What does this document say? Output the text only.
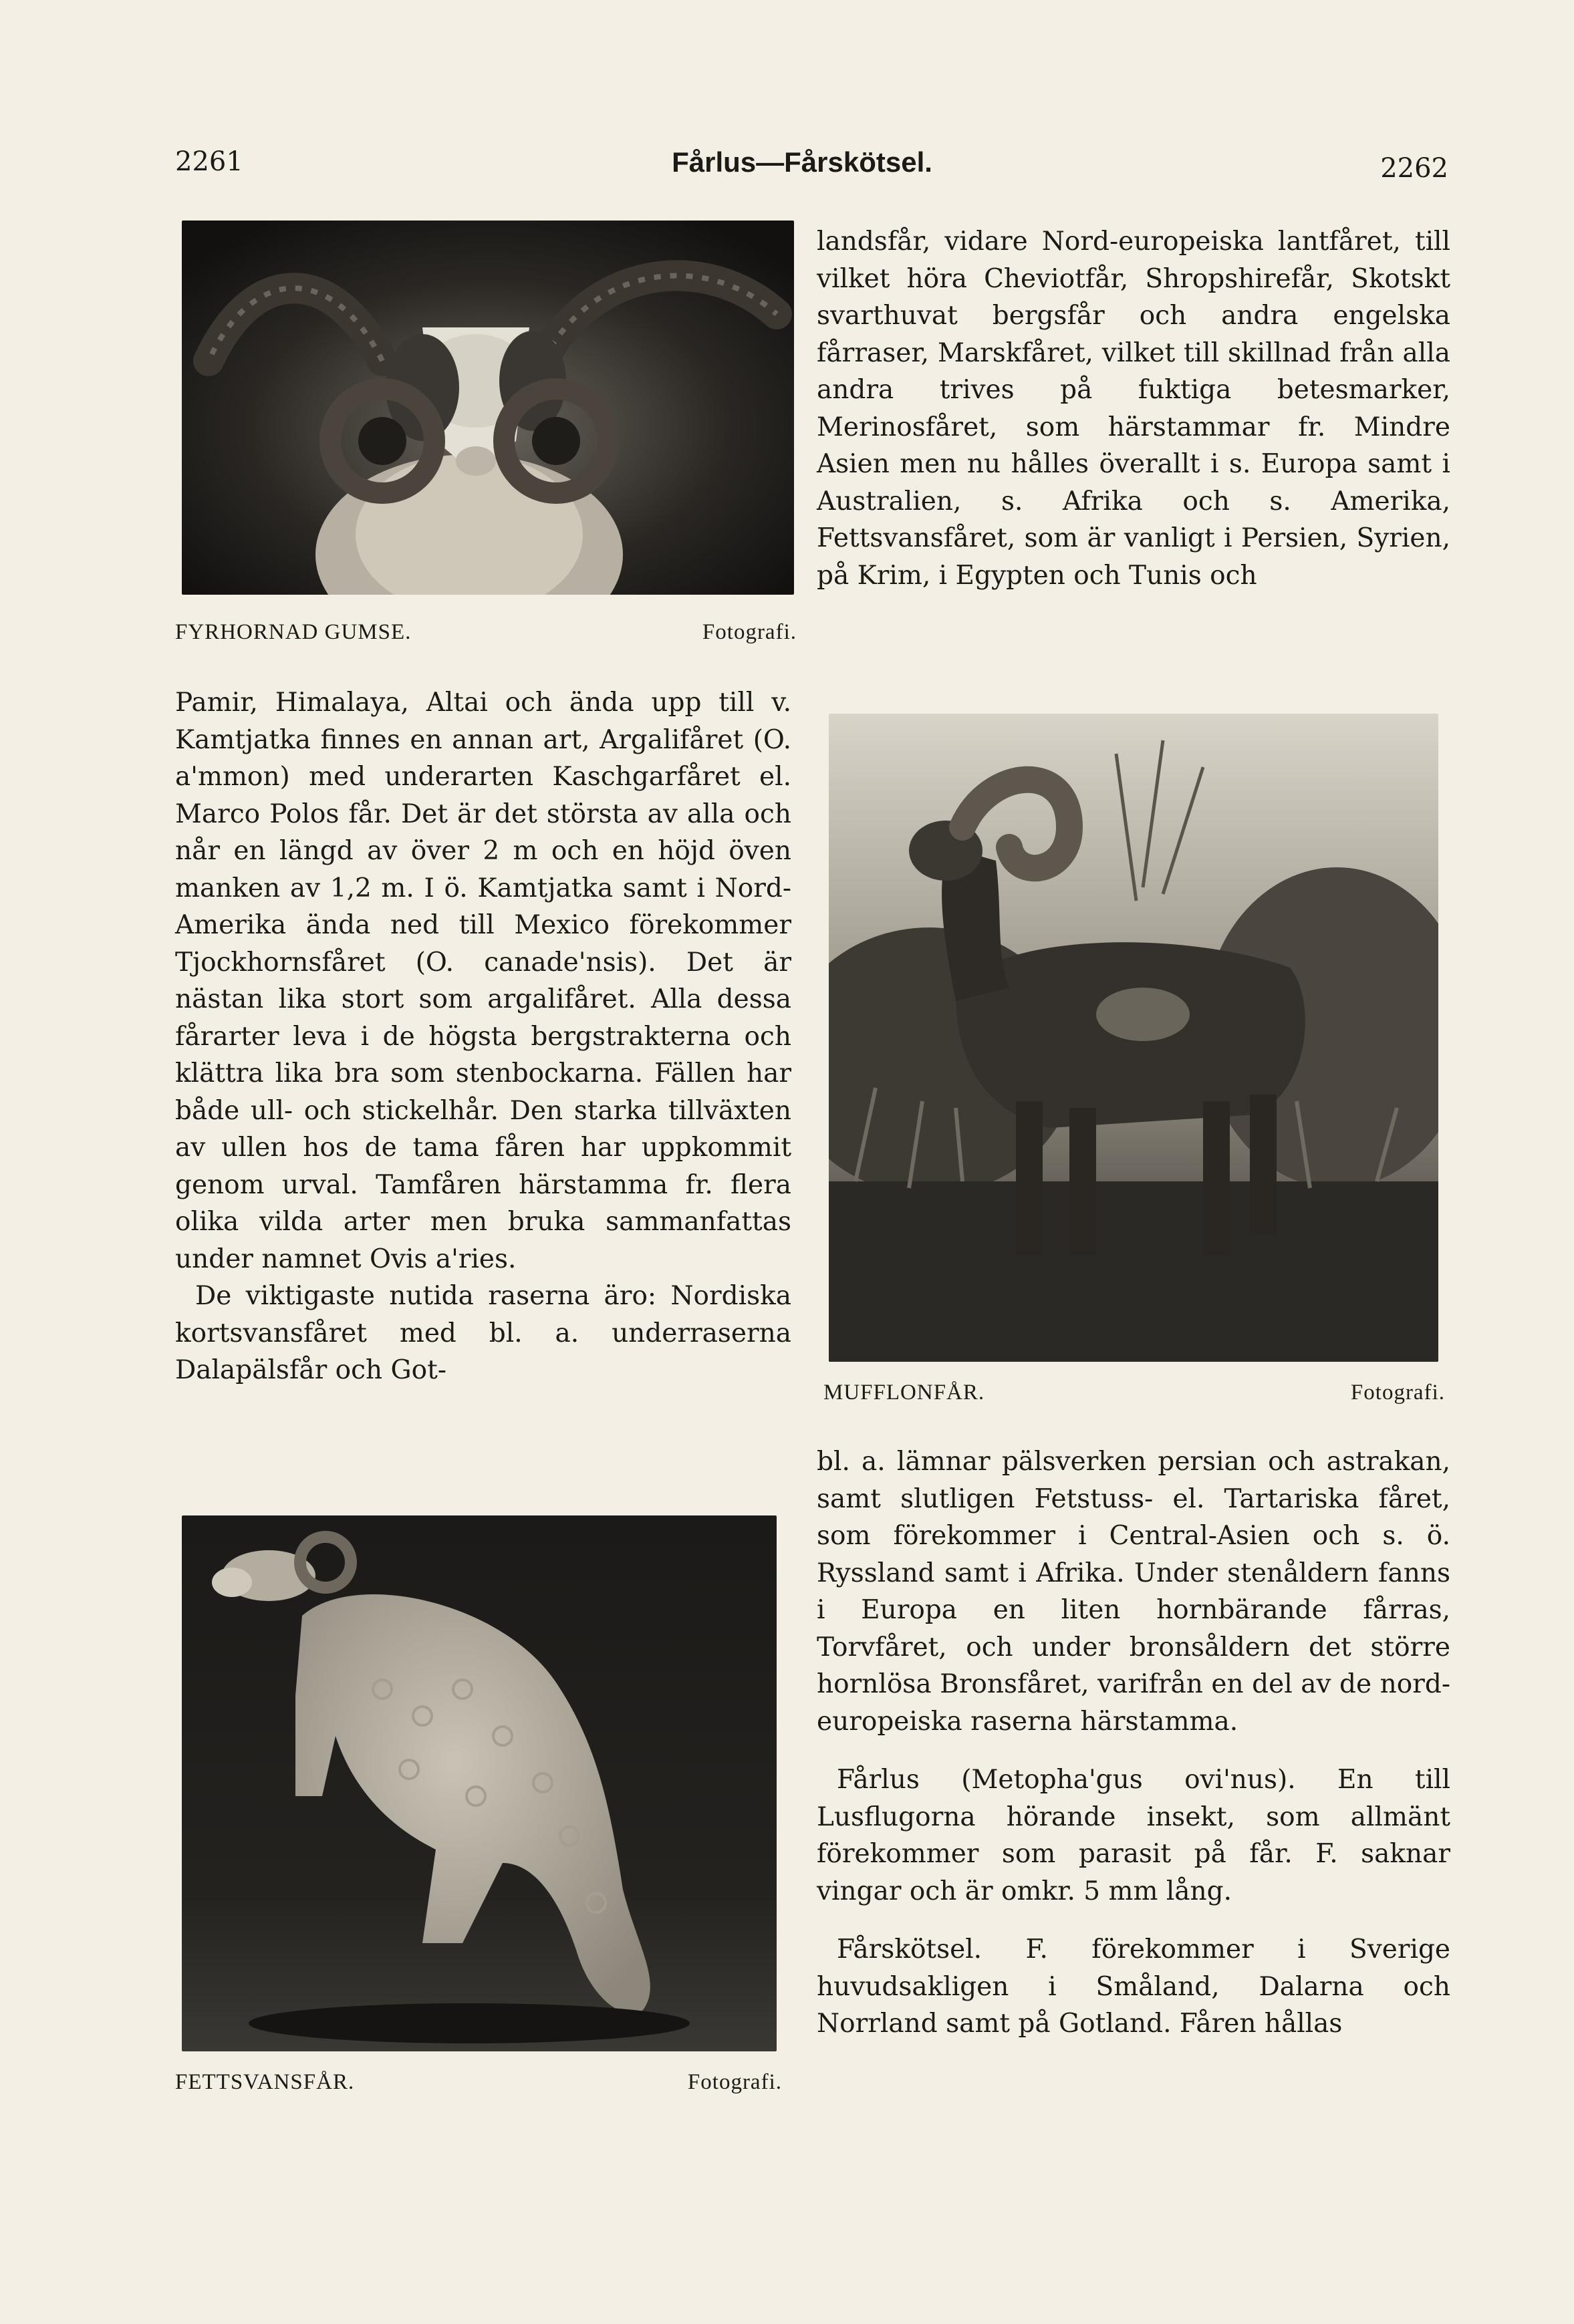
2261	Fårlus—Fårskötsel.	2262
FYRHORNAD GUMSE.	Fotografi.

landsfår, vidare Nord-europeiska lantfåret, till vilket höra Cheviotfår, Shropshirefår, Skotskt svarthuvat bergsfår och andra engelska fårraser, Marskfåret, vilket till skillnad från alla andra trives på fuktiga betesmarker, Merinosfåret, som härstammar fr. Mindre Asien men nu hålles överallt i s. Europa samt i Australien, s. Afrika och s. Amerika, Fettsvansfåret, som är vanligt i Persien, Syrien, på Krim, i Egypten och Tunis och

Pamir, Himalaya, Altai och ända upp till v. Kamtjatka finnes en annan art, Argalifåret (O. a'mmon) med underarten Kaschgarfåret el. Marco Polos får. Det är det största av alla och når en längd av över 2 m och en höjd öven manken av 1,2 m. I ö. Kamtjatka samt i Nord-Amerika ända ned till Mexico förekommer Tjockhornsfåret (O. canade'nsis). Det är nästan lika stort som argalifåret. Alla dessa fårarter leva i de högsta bergstrakterna och klättra lika bra som stenbockarna. Fällen har både ull- och stickelhår. Den starka tillväxten av ullen hos de tama fåren har uppkommit genom urval. Tamfåren härstamma fr. flera olika vilda arter men bruka sammanfattas under namnet Ovis a'ries.

De viktigaste nutida raserna äro: Nordiska kortsvansfåret med bl. a. underraserna Dalapälsfår och Got-

MUFFLONFÅR.	Fotografi.

bl. a. lämnar pälsverken persian och astrakan, samt slutligen Fetstuss- el. Tartariska fåret, som förekommer i Central-Asien och s. ö. Ryssland samt i Afrika. Under stenåldern fanns i Europa en liten hornbärande fårras, Torvfåret, och under bronsåldern det större hornlösa Bronsfåret, varifrån en del av de nord-europeiska raserna härstamma.

Fårlus (Metopha'gus ovi'nus). En till Lusflugorna hörande insekt, som allmänt förekommer som parasit på får. F. saknar vingar och är omkr. 5 mm lång.

Fårskötsel. F. förekommer i Sverige huvudsakligen i Småland, Dalarna och Norrland samt på Gotland. Fåren hållas

FETTSVANSFÅR.	Fotografi.
